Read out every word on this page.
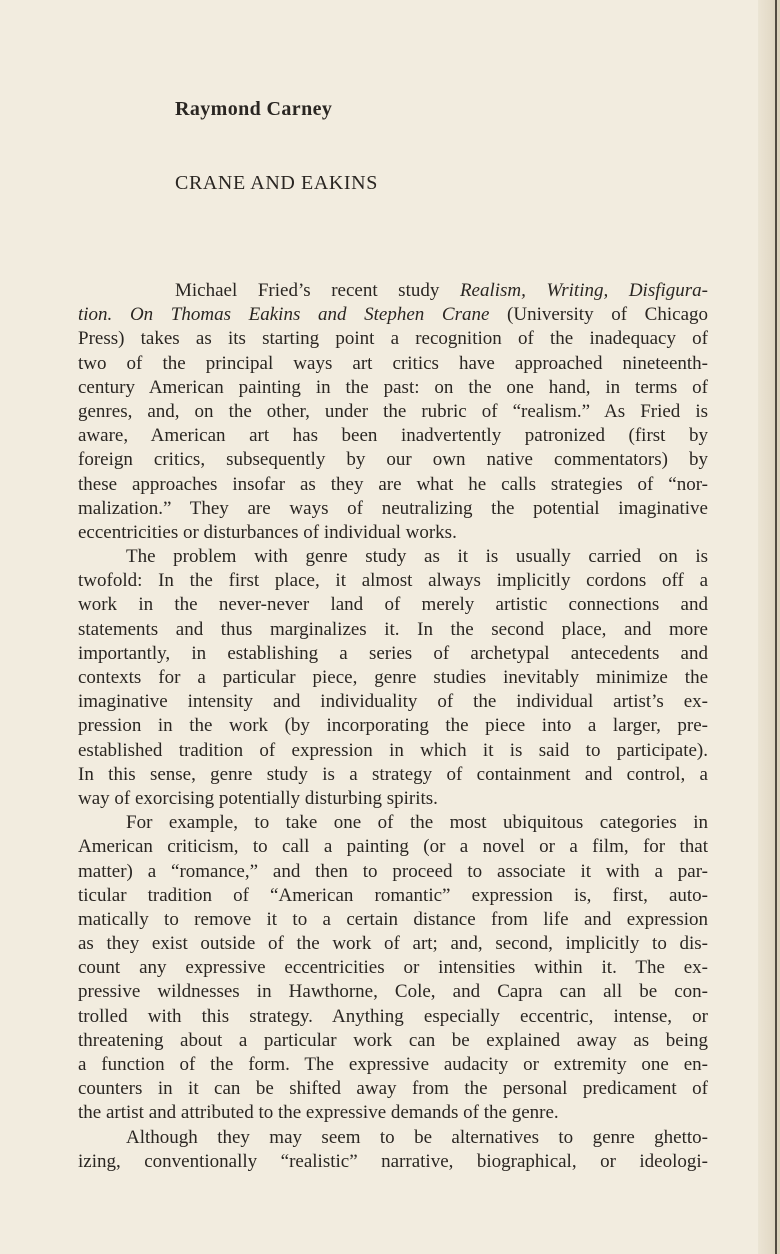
Raymond Carney
CRANE AND EAKINS
Michael Fried’s recent study Realism, Writing, Disfigura-
tion. On Thomas Eakins and Stephen Crane (University of Chicago
Press) takes as its starting point a recognition of the inadequacy of
two of the principal ways art critics have approached nineteenth-
century American painting in the past: on the one hand, in terms of
genres, and, on the other, under the rubric of “realism.” As Fried is
aware, American art has been inadvertently patronized (first by
foreign critics, subsequently by our own native commentators) by
these approaches insofar as they are what he calls strategies of “nor-
malization.” They are ways of neutralizing the potential imaginative
eccentricities or disturbances of individual works.
The problem with genre study as it is usually carried on is
twofold: In the first place, it almost always implicitly cordons off a
work in the never-never land of merely artistic connections and
statements and thus marginalizes it. In the second place, and more
importantly, in establishing a series of archetypal antecedents and
contexts for a particular piece, genre studies inevitably minimize the
imaginative intensity and individuality of the individual artist’s ex-
pression in the work (by incorporating the piece into a larger, pre-
established tradition of expression in which it is said to participate).
In this sense, genre study is a strategy of containment and control, a
way of exorcising potentially disturbing spirits.
For example, to take one of the most ubiquitous categories in
American criticism, to call a painting (or a novel or a film, for that
matter) a “romance,” and then to proceed to associate it with a par-
ticular tradition of “American romantic” expression is, first, auto-
matically to remove it to a certain distance from life and expression
as they exist outside of the work of art; and, second, implicitly to dis-
count any expressive eccentricities or intensities within it. The ex-
pressive wildnesses in Hawthorne, Cole, and Capra can all be con-
trolled with this strategy. Anything especially eccentric, intense, or
threatening about a particular work can be explained away as being
a function of the form. The expressive audacity or extremity one en-
counters in it can be shifted away from the personal predicament of
the artist and attributed to the expressive demands of the genre.
Although they may seem to be alternatives to genre ghetto-
izing, conventionally “realistic” narrative, biographical, or ideologi-
